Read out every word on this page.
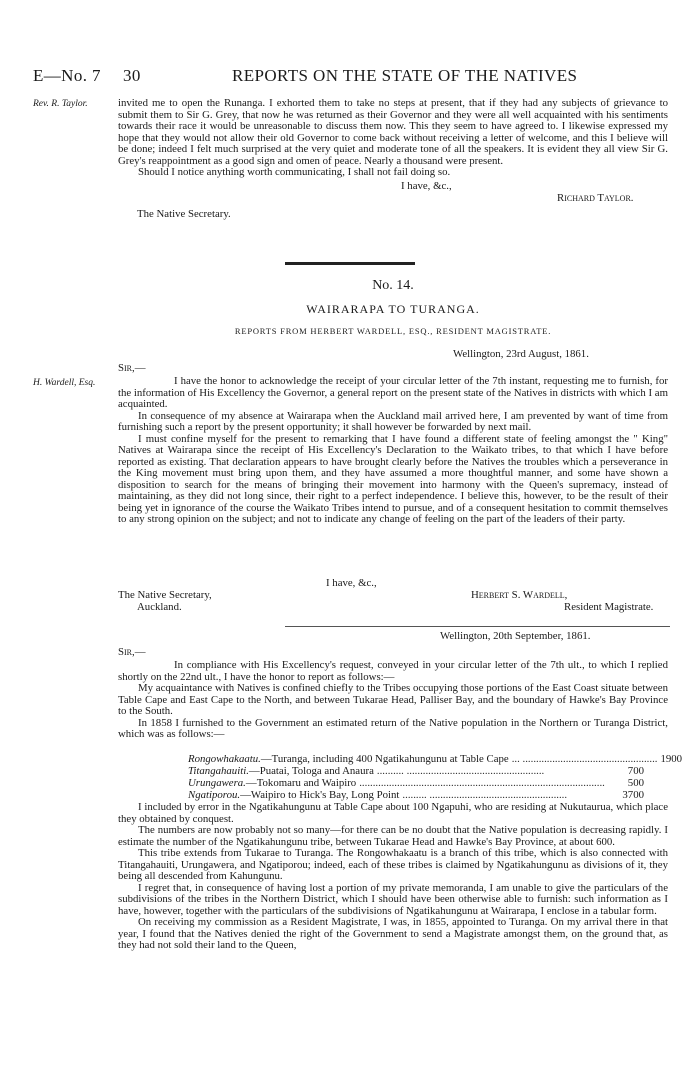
E—No. 7 30	REPORTS ON THE STATE OF THE NATIVES
Rev. R. Taylor.
H. Wardell, Esq.

invited me to open the Runanga. I exhorted them to take no steps at present, that if they had any subjects of grievance to submit them to Sir G. Grey, that now he was returned as their Governor and they were all well acquainted with his sentiments towards their race it would be unreasonable to discuss them now. This they seem to have agreed to. I likewise expressed my hope that they would not allow their old Governor to come back without receiving a letter of welcome, and this I believe will be done; indeed I felt much surprised at the very quiet and moderate tone of all the speakers. It is evident they all view Sir G. Grey's reappointment as a good sign and omen of peace. Nearly a thousand were present.

Should I notice anything worth communicating, I shall not fail doing so.

I have, &c.,
Richard Taylor.
The Native Secretary.
No. 14.
WAIRARAPA TO TURANGA.
REPORTS FROM HERBERT WARDELL, ESQ., RESIDENT MAGISTRATE.
Wellington, 23rd August, 1861.
Sir,—

I have the honor to acknowledge the receipt of your circular letter of the 7th instant, requesting me to furnish, for the information of His Excellency the Governor, a general report on the present state of the Natives in districts with which I am acquainted.

In consequence of my absence at Wairarapa when the Auckland mail arrived here, I am prevented by want of time from furnishing such a report by the present opportunity; it shall however be forwarded by next mail.

I must confine myself for the present to remarking that I have found a different state of feeling amongst the " King" Natives at Wairarapa since the receipt of His Excellency's Declaration to the Waikato tribes, to that which I have before reported as existing. That declaration appears to have brought clearly before the Natives the troubles which a perseverance in the King movement must bring upon them, and they have assumed a more thoughtful manner, and some have shown a disposition to search for the means of bringing their movement into harmony with the Queen's supremacy, instead of maintaining, as they did not long since, their right to a perfect independence. I believe this, however, to be the result of their being yet in ignorance of the course the Waikato Tribes intend to pursue, and of a consequent hesitation to commit themselves to any strong opinion on the subject; and not to indicate any change of feeling on the part of the leaders of their party.

I have, &c.,
The Native Secretary,
Auckland.
Herbert S. Wardell,
Resident Magistrate.
Wellington, 20th September, 1861.
Sir,—

In compliance with His Excellency's request, conveyed in your circular letter of the 7th ult., to which I replied shortly on the 22nd ult., I have the honor to report as follows:—

My acquaintance with Natives is confined chiefly to the Tribes occupying those portions of the East Coast situate between Table Cape and East Cape to the North, and between Tukarae Head, Palliser Bay, and the boundary of Hawke's Bay Province to the South.

In 1858 I furnished to the Government an estimated return of the Native population in the Northern or Turanga District, which was as follows:—

Rongowhakaatu.—Turanga, including 400 Ngatikahungunu at Table Cape ... .................................................. 1900
Titangahauiti.—Puatai, Tologa and Anaura .......... ...................................................	700
Urungawera.—Tokomaru and Waipiro ...........................................................................................	500
Ngatiporou.—Waipiro to Hick's Bay, Long Point ......... ...................................................	3700

I included by error in the Ngatikahungunu at Table Cape about 100 Ngapuhi, who are residing at Nukutaurua, which place they obtained by conquest.

The numbers are now probably not so many—for there can be no doubt that the Native population is decreasing rapidly. I estimate the number of the Ngatikahungunu tribe, between Tukarae Head and Hawke's Bay Province, at about 600.

This tribe extends from Tukarae to Turanga. The Rongowhakaatu is a branch of this tribe, which is also connected with Titangahauiti, Urungawera, and Ngatiporou; indeed, each of these tribes is claimed by Ngatikahungunu as divisions of it, they being all descended from Kahungunu.

I regret that, in consequence of having lost a portion of my private memoranda, I am unable to give the particulars of the subdivisions of the tribes in the Northern District, which I should have been otherwise able to furnish: such information as I have, however, together with the particulars of the subdivisions of Ngatikahungunu at Wairarapa, I enclose in a tabular form.

On receiving my commission as a Resident Magistrate, I was, in 1855, appointed to Turanga. On my arrival there in that year, I found that the Natives denied the right of the Government to send a Magistrate amongst them, on the ground that, as they had not sold their land to the Queen,
